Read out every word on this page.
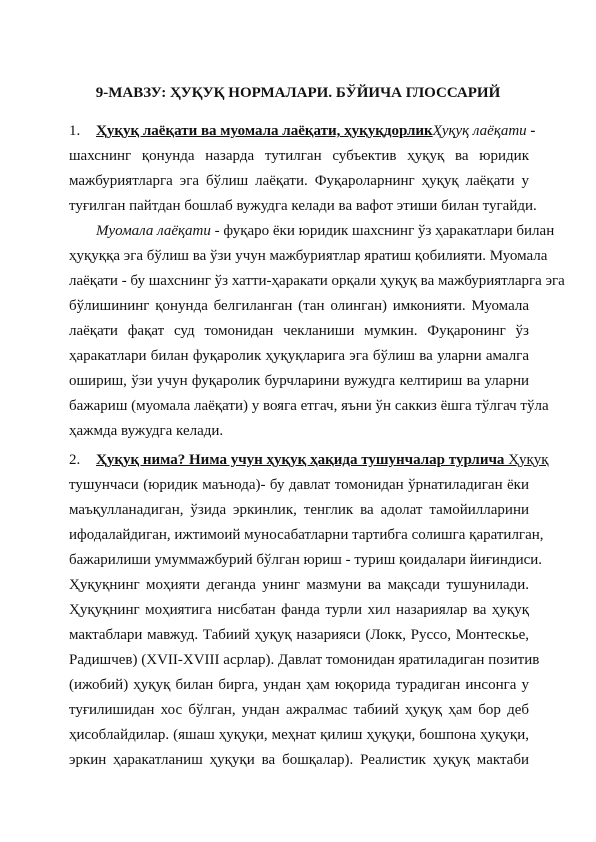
9-МАВЗУ: ҲУҚУҚ НОРМАЛАРИ. БЎЙИЧА ГЛОССАРИЙ
1. Ҳуқуқ лаёқати ва муомала лаёқати, ҳуқуқдорликҲуқуқ лаёқати -
шахснинг қонунда назарда тутилган субъектив ҳуқуқ ва юридик
мажбуриятларга эга бўлиш лаёқати. Фуқароларнинг ҳуқуқ лаёқати у
туғилган пайтдан бошлаб вужудга келади ва вафот этиши билан тугайди.
Муомала лаёқати - фуқаро ёки юридик шахснинг ўз ҳаракатлари билан
ҳуқуққа эга бўлиш ва ўзи учун мажбуриятлар яратиш қобилияти. Муомала
лаёқати - бу шахснинг ўз хатти-ҳаракати орқали ҳуқуқ ва мажбуриятларга эга
бўлишининг қонунда белгиланган (тан олинган) имконияти. Муомала
лаёқати фақат суд томонидан чекланиши мумкин. Фуқаронинг ўз
ҳаракатлари билан фуқаролик ҳуқуқларига эга бўлиш ва уларни амалга
ошириш, ўзи учун фуқаролик бурчларини вужудга келтириш ва уларни
бажариш (муомала лаёқати) у вояга етгач, яъни ўн саккиз ёшга тўлгач тўла
ҳажмда вужудга келади.
2. Ҳуқуқ нима? Нима учун ҳуқуқ ҳақида тушунчалар турлича Ҳуқуқ
тушунчаси (юридик маънода)- бу давлат томонидан ўрнатиладиган ёки
маъқулланадиган, ўзида эркинлик, тенглик ва адолат тамойилларини
ифодалайдиган, ижтимоий муносабатларни тартибга солишга қаратилган,
бажарилиши умуммажбурий бўлган юриш - туриш қоидалари йиғиндиси.
Ҳуқуқнинг моҳияти деганда унинг мазмуни ва мақсади тушунилади.
Ҳуқуқнинг моҳиятига нисбатан фанда турли хил назариялар ва ҳуқуқ
мактаблари мавжуд. Табиий ҳуқуқ назарияси (Локк, Руссо, Монтескье,
Радишчев) (XVII-XVIII асрлар). Давлат томонидан яратиладиган позитив
(ижобий) ҳуқуқ билан бирга, ундан ҳам юқорида турадиган инсонга у
туғилишидан хос бўлган, ундан ажралмас табиий ҳуқуқ ҳам бор деб
ҳисоблайдилар. (яшаш ҳуқуқи, меҳнат қилиш ҳуқуқи, бошпона ҳуқуқи,
эркин ҳаракатланиш ҳуқуқи ва бошқалар). Реалистик ҳуқуқ мактаби
